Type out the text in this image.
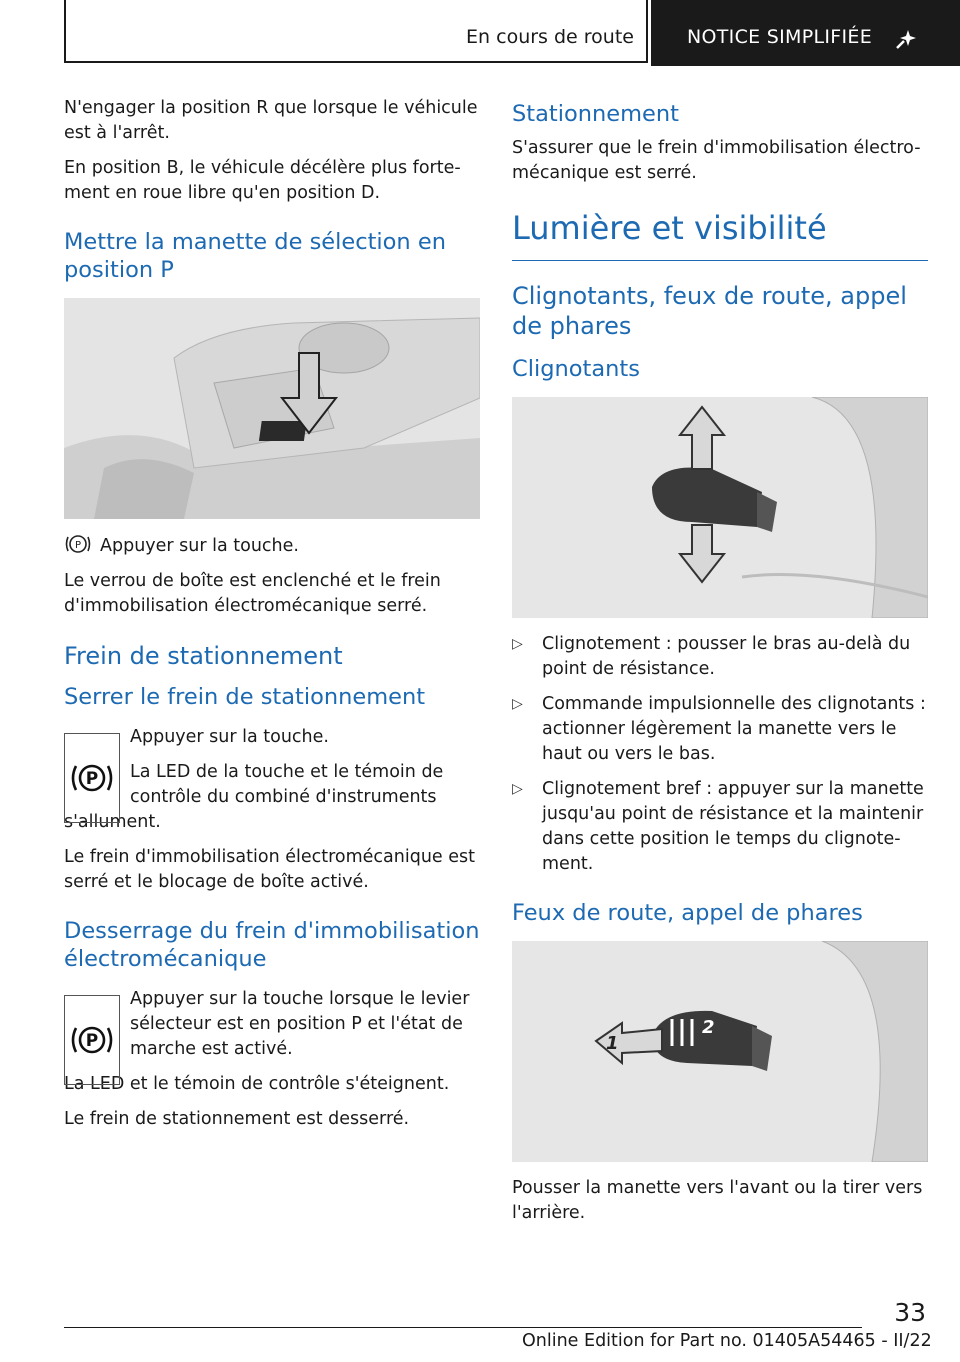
En cours de route	NOTICE SIMPLIFIÉE

N'engager la position R que lorsque le véhicule est à l'arrêt.

En position B, le véhicule décélère plus forte-ment en roue libre qu'en position D.

Mettre la manette de sélection en position P

P Appuyer sur la touche.

Le verrou de boîte est enclenché et le frein d'immobilisation électromécanique serré.

Frein de stationnement
Serrer le frein de stationnement
P

Appuyer sur la touche.

La LED de la touche et le témoin de contrôle du combiné d'instruments

s'allument.

Le frein d'immobilisation électromécanique est serré et le blocage de boîte activé.

Desserrage du frein d'immobilisation électromécanique
P

Appuyer sur la touche lorsque le levier sélecteur est en position P et l'état de marche est activé.

La LED et le témoin de contrôle s'éteignent.

Le frein de stationnement est desserré.

Stationnement

S'assurer que le frein d'immobilisation électro-mécanique est serré.

Lumière et visibilité
Clignotants, feux de route, appel de phares
Clignotants
▷ Clignotement : pousser le bras au-delà du point de résistance.
▷ Commande impulsionnelle des clignotants : actionner légèrement la manette vers le haut ou vers le bas.
▷ Clignotement bref : appuyer sur la manette jusqu'au point de résistance et la maintenir dans cette position le temps du clignote-ment.
Feux de route, appel de phares
1
2

Pousser la manette vers l'avant ou la tirer vers l'arrière.

33
Online Edition for Part no. 01405A54465 - II/22
